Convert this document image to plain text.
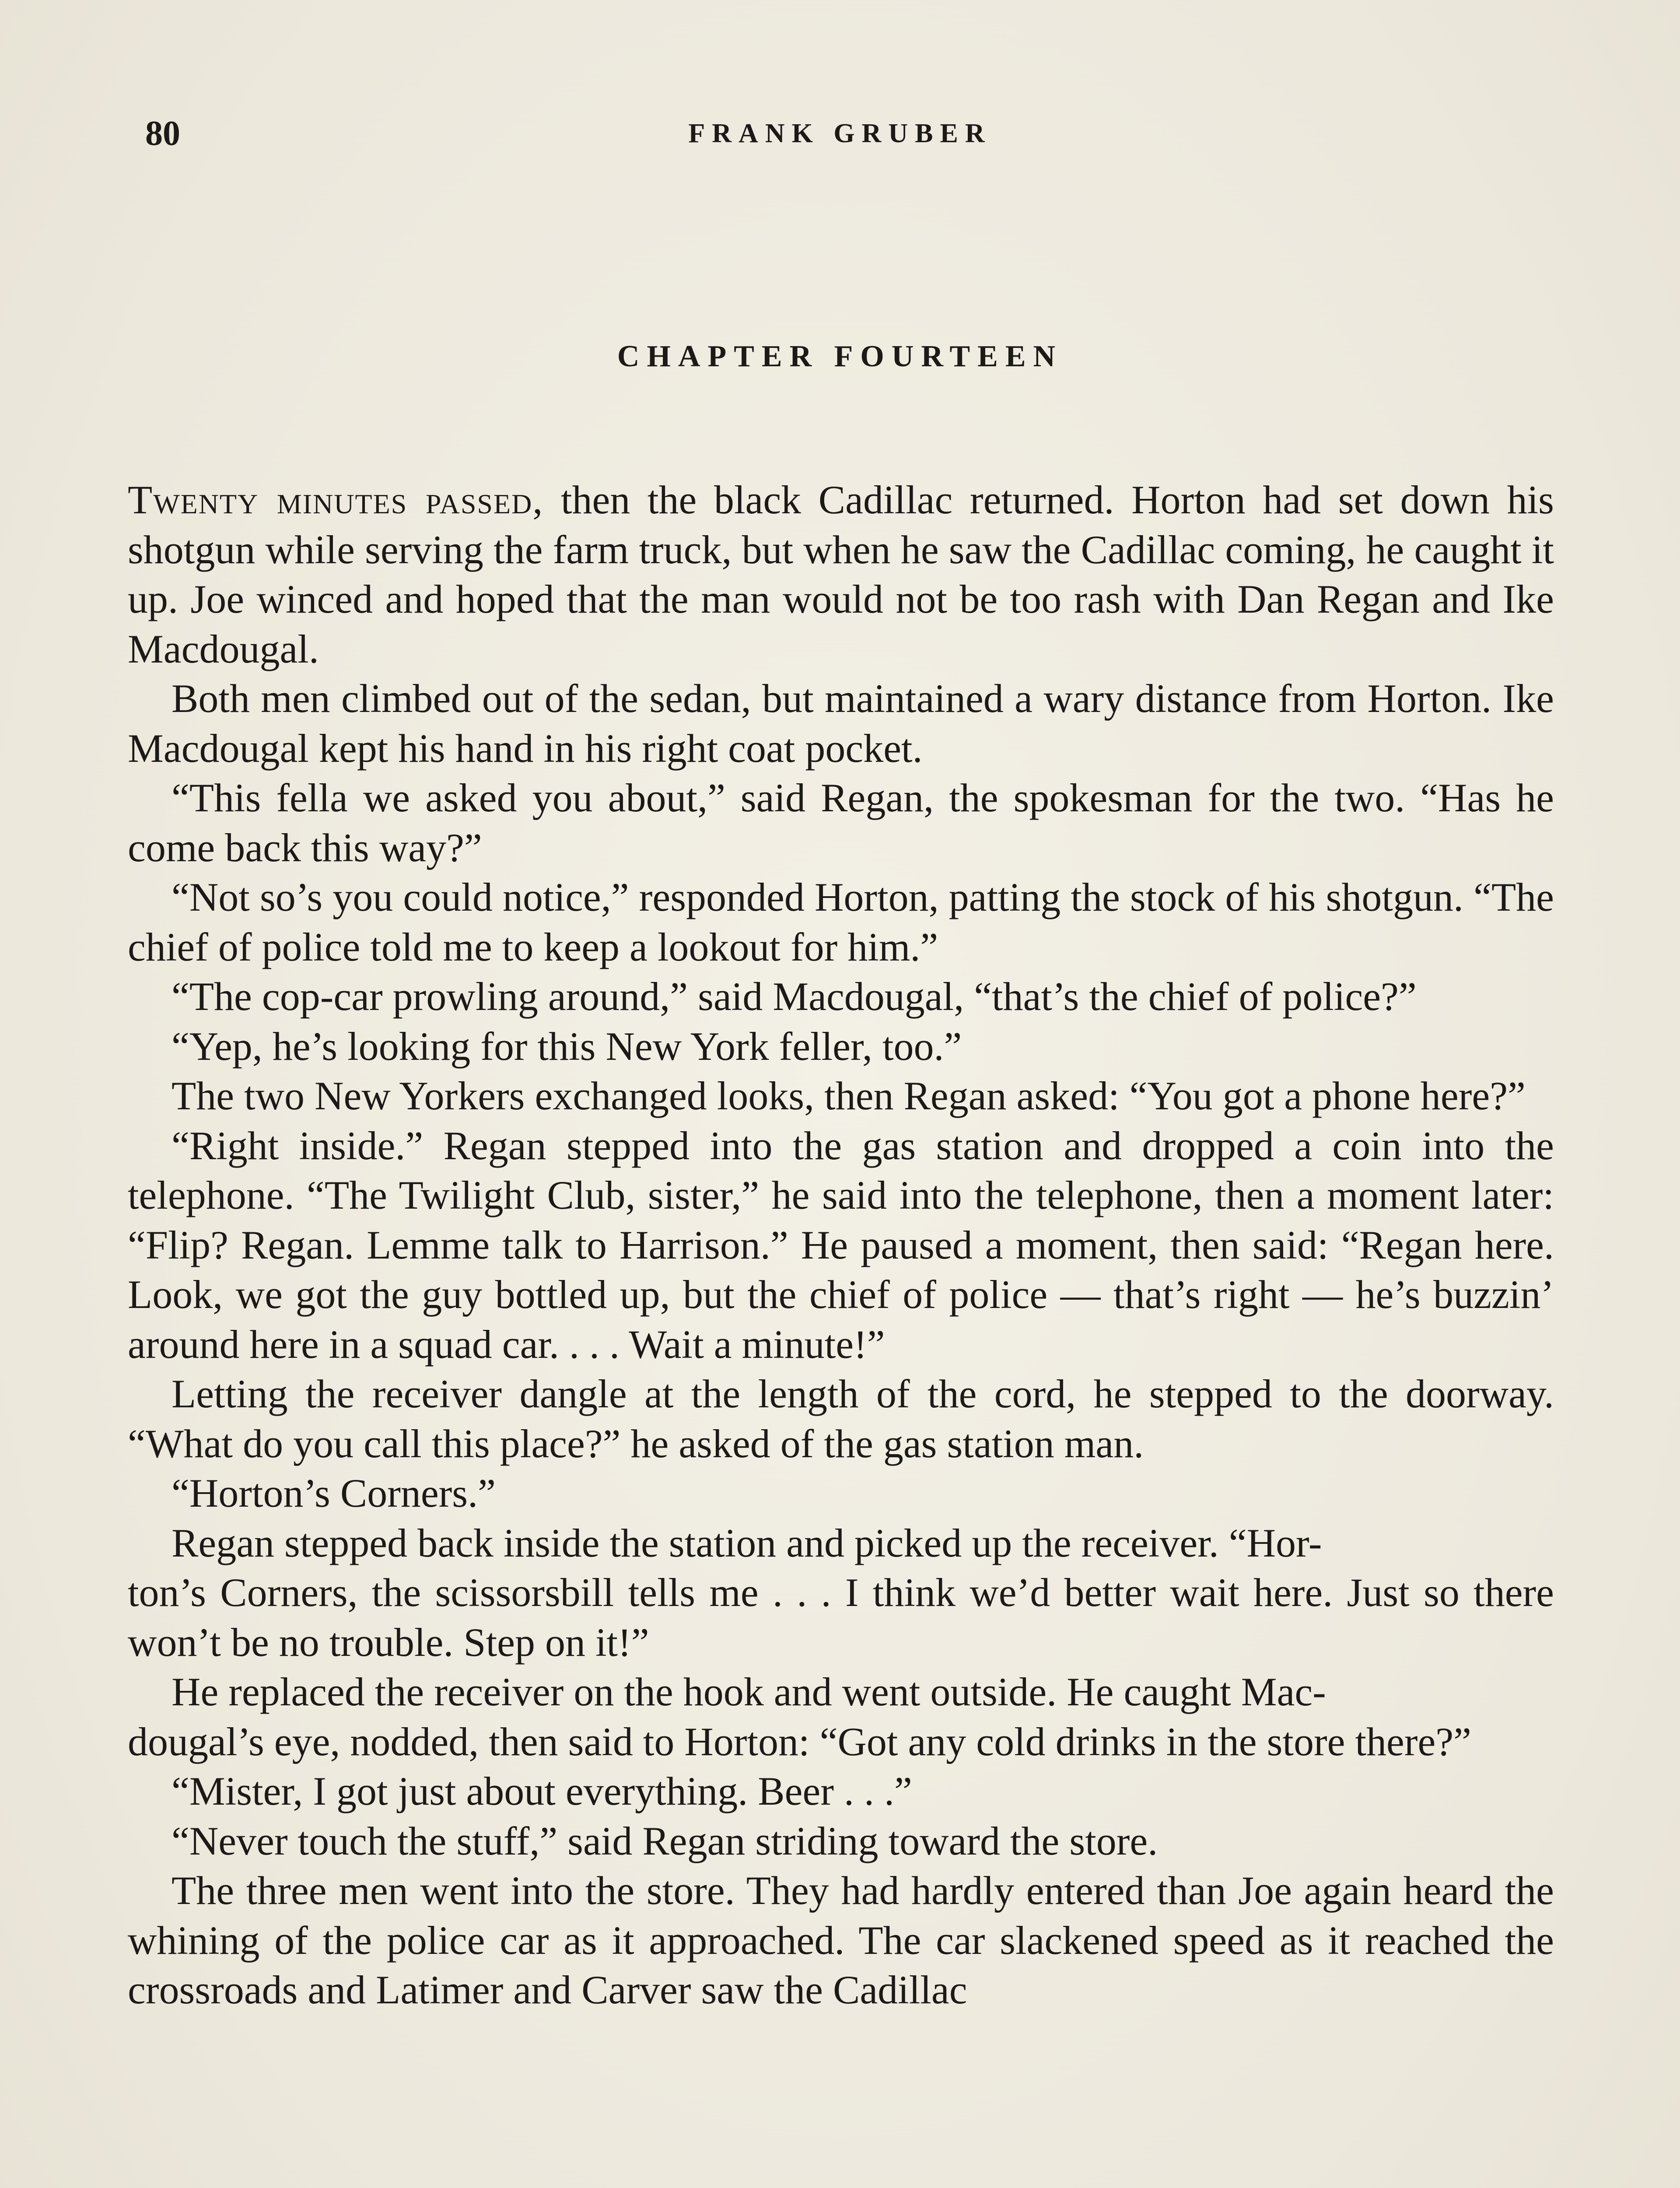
80	FRANK GRUBER
CHAPTER FOURTEEN

Twenty minutes passed, then the black Cadillac returned. Horton had set down his shotgun while serving the farm truck, but when he saw the Cadillac coming, he caught it up. Joe winced and hoped that the man would not be too rash with Dan Regan and Ike Macdougal.

Both men climbed out of the sedan, but maintained a wary distance from Horton. Ike Macdougal kept his hand in his right coat pocket.

“This fella we asked you about,” said Regan, the spokesman for the two. “Has he come back this way?”

“Not so’s you could notice,” responded Horton, patting the stock of his shotgun. “The chief of police told me to keep a lookout for him.”

“The cop-car prowling around,” said Macdougal, “that’s the chief of police?”

“Yep, he’s looking for this New York feller, too.”

The two New Yorkers exchanged looks, then Regan asked: “You got a phone here?”

“Right inside.” Regan stepped into the gas station and dropped a coin into the telephone. “The Twilight Club, sister,” he said into the telephone, then a moment later: “Flip? Regan. Lemme talk to Harrison.” He paused a moment, then said: “Regan here. Look, we got the guy bottled up, but the chief of police — that’s right — he’s buzzin’ around here in a squad car. . . . Wait a minute!”

Letting the receiver dangle at the length of the cord, he stepped to the doorway. “What do you call this place?” he asked of the gas station man.

“Horton’s Corners.”

Regan stepped back inside the station and picked up the receiver. “Hor-
ton’s Corners, the scissorsbill tells me . . . I think we’d better wait here. Just so there won’t be no trouble. Step on it!”

He replaced the receiver on the hook and went outside. He caught Mac-
dougal’s eye, nodded, then said to Horton: “Got any cold drinks in the store there?”

“Mister, I got just about everything. Beer . . .”

“Never touch the stuff,” said Regan striding toward the store.

The three men went into the store. They had hardly entered than Joe again heard the whining of the police car as it approached. The car slackened speed as it reached the crossroads and Latimer and Carver saw the Cadillac
